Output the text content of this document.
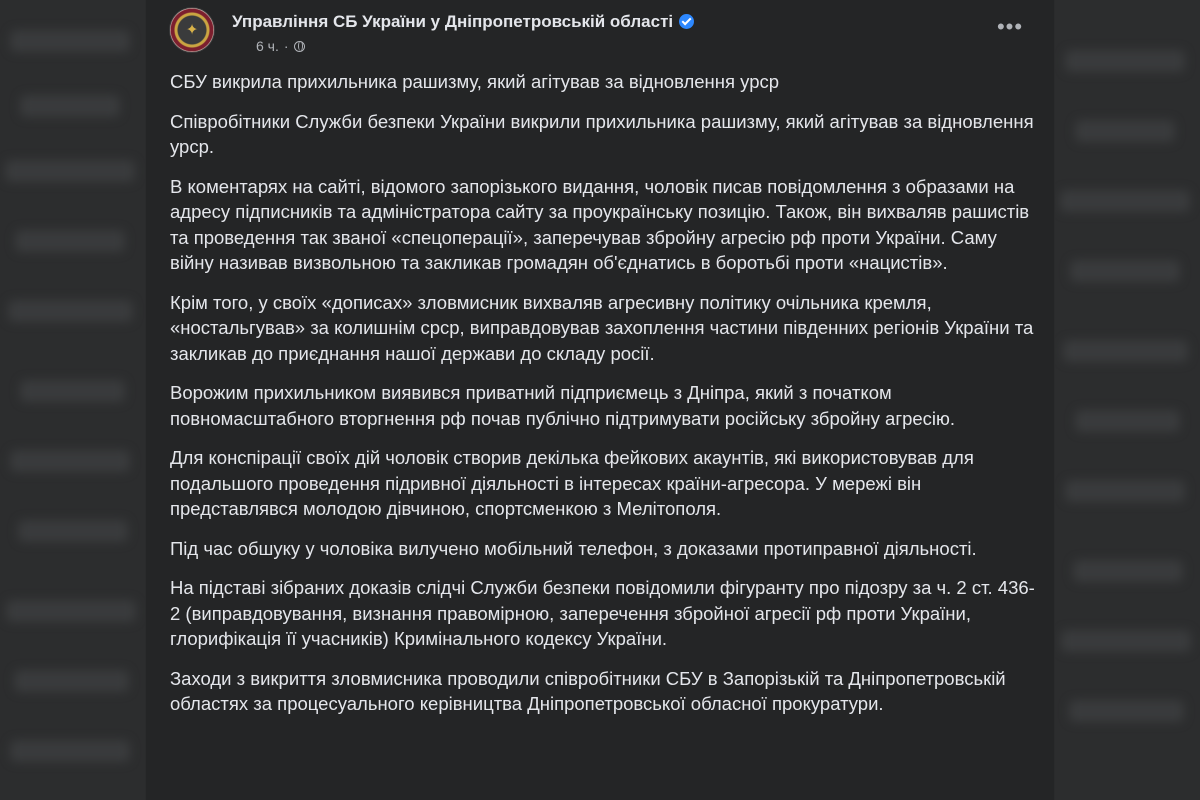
✦ Управління СБ України у Дніпропетровській області
6 ч. ·
•••

СБУ викрила прихильника рашизму, який агітував за відновлення урср

Співробітники Служби безпеки України викрили прихильника рашизму, який агітував за відновлення урср.

В коментарях на сайті, відомого запорізького видання, чоловік писав повідомлення з образами на адресу підписників та адміністратора сайту за проукраїнську позицію. Також, він вихваляв рашистів та проведення так званої «спецоперації», заперечував збройну агресію рф проти України. Саму війну називав визвольною та закликав громадян об'єднатись в боротьбі проти «нацистів».

Крім того, у своїх «дописах» зловмисник вихваляв агресивну політику очільника кремля, «ностальгував» за колишнім срср, виправдовував захоплення частини південних регіонів України та закликав до приєднання нашої держави до складу росії.

Ворожим прихильником виявився приватний підприємець з Дніпра, який з початком повномасштабного вторгнення рф почав публічно підтримувати російську збройну агресію.

Для конспірації своїх дій чоловік створив декілька фейкових акаунтів, які використовував для подальшого проведення підривної діяльності в інтересах країни-агресора. У мережі він представлявся молодою дівчиною, спортсменкою з Мелітополя.

Під час обшуку у чоловіка вилучено мобільний телефон, з доказами протиправної діяльності.

На підставі зібраних доказів слідчі Служби безпеки повідомили фігуранту про підозру за ч. 2 ст. 436-2 (виправдовування, визнання правомірною, заперечення збройної агресії рф проти України, глорифікація її учасників) Кримінального кодексу України.

Заходи з викриття зловмисника проводили співробітники СБУ в Запорізькій та Дніпропетровській областях за процесуального керівництва Дніпропетровської обласної прокуратури.
